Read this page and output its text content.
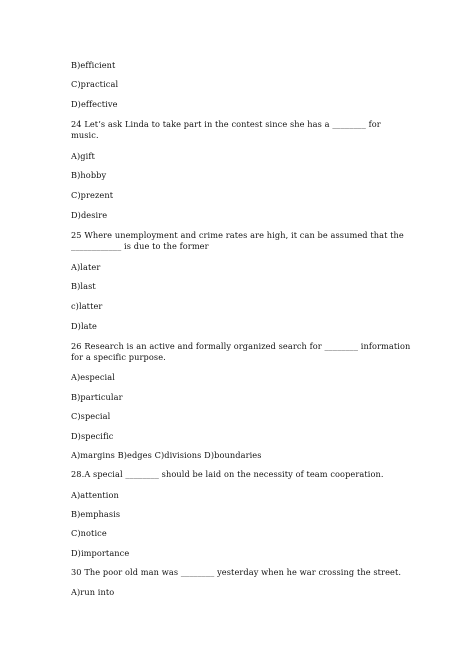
B)efficient
C)practical
D)effective
24 Let’s ask Linda to take part in the contest since she has a ________ for
music.
A)gift
B)hobby
C)prezent
D)desire
25 Where unemployment and crime rates are high, it can be assumed that the
____________ is due to the former
A)later
B)last
c)latter
D)late
26 Research is an active and formally organized search for ________ information
for a specific purpose.
A)especial
B)particular
C)special
D)specific
A)margins B)edges C)divisions D)boundaries
28.A special ________ should be laid on the necessity of team cooperation.
A)attention
B)emphasis
C)notice
D)importance
30 The poor old man was ________ yesterday when he war crossing the street.
A)run into
